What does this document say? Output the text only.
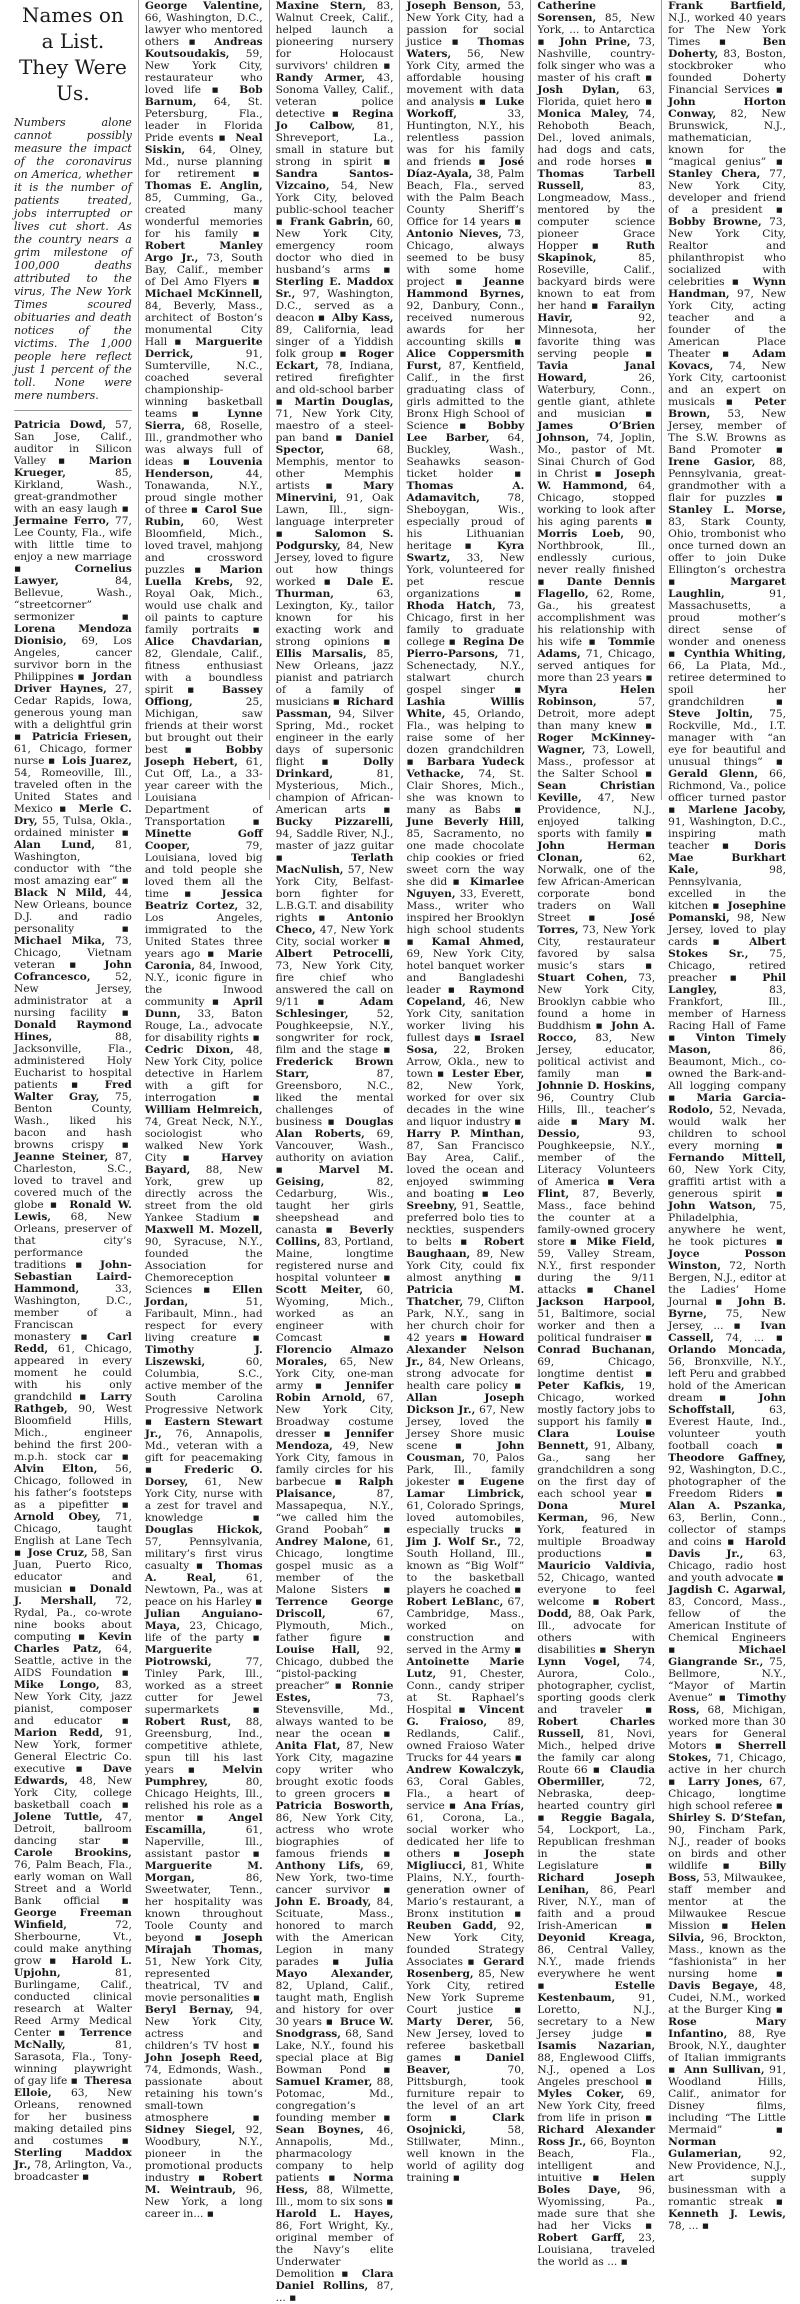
Names on a List.
They Were Us.

Numbers alone cannot possibly measure the impact of the coronavirus on America, whether it is the number of patients treated, jobs interrupted or lives cut short. As the country nears a grim milestone of 100,000 deaths attributed to the virus, The New York Times scoured obituaries and death notices of the victims. The 1,000 people here reflect just 1 percent of the toll. None were mere numbers.

Patricia Dowd, 57, San Jose, Calif., auditor in Silicon Valley ▪ Marion Krueger, 85, Kirkland, Wash., great-grandmother with an easy laugh ▪ Jermaine Ferro, 77, Lee County, Fla., wife with little time to enjoy a new marriage ▪ Cornelius Lawyer, 84, Bellevue, Wash., “streetcorner” sermonizer ▪ Lorena Mendoza Dionisio, 69, Los Angeles, cancer survivor born in the Philippines ▪ Jordan Driver Haynes, 27, Cedar Rapids, Iowa, generous young man with a delightful grin ▪ Patricia Friesen, 61, Chicago, former nurse ▪ Lois Juarez, 54, Romeoville, Ill., traveled often in the United States and Mexico ▪ Merle C. Dry, 55, Tulsa, Okla., ordained minister ▪ Alan Lund, 81, Washington, conductor with “the most amazing ear” ▪ Black N Mild, 44, New Orleans, bounce D.J. and radio personality ▪ Michael Mika, 73, Chicago, Vietnam veteran ▪ John Cofrancesco, 52, New Jersey, administrator at a nursing facility ▪ Donald Raymond Hines, 88, Jacksonville, Fla., administered Holy Eucharist to hospital patients ▪ Fred Walter Gray, 75, Benton County, Wash., liked his bacon and hash browns crispy ▪ Jeanne Steiner, 87, Charleston, S.C., loved to travel and covered much of the globe ▪ Ronald W. Lewis, 68, New Orleans, preserver of that city’s performance traditions ▪ John-Sebastian Laird-Hammond, 33, Washington, D.C., member of a Franciscan monastery ▪ Carl Redd, 61, Chicago, appeared in every moment he could with his only grandchild ▪ Larry Rathgeb, 90, West Bloomfield Hills, Mich., engineer behind the first 200-m.p.h. stock car ▪ Alvin Elton, 56, Chicago, followed in his father’s footsteps as a pipefitter ▪ Arnold Obey, 71, Chicago, taught English at Lane Tech ▪ Jose Cruz, 58, San Juan, Puerto Rico, educator and musician ▪ Donald J. Mershall, 72, Rydal, Pa., co-wrote nine books about computing ▪ Kevin Charles Patz, 64, Seattle, active in the AIDS Foundation ▪ Mike Longo, 83, New York City, jazz pianist, composer and educator ▪ Marion Redd, 91, New York, former General Electric Co. executive ▪ Dave Edwards, 48, New York City, college basketball coach ▪ Jolene Tuttle, 47, Detroit, ballroom dancing star ▪ Carole Brookins, 76, Palm Beach, Fla., early woman on Wall Street and a World Bank official ▪ George Freeman Winfield, 72, Sherbourne, Vt., could make anything grow ▪ Harold L. Upjohn, 81, Burlingame, Calif., conducted clinical research at Walter Reed Army Medical Center ▪ Terrence McNally, 81, Sarasota, Fla., Tony-winning playwright of gay life ▪ Theresa Elloie, 63, New Orleans, renowned for her business making detailed pins and costumes ▪ Sterling Maddox Jr., 78, Arlington, Va., broadcaster ▪

George Valentine, 66, Washington, D.C., lawyer who mentored others ▪ Andreas Koutsoudakis, 59, New York City, restaurateur who loved life ▪ Bob Barnum, 64, St. Petersburg, Fla., leader in Florida Pride events ▪ Neal Siskin, 64, Olney, Md., nurse planning for retirement ▪ Thomas E. Anglin, 85, Cumming, Ga., created many wonderful memories for his family ▪ Robert Manley Argo Jr., 73, South Bay, Calif., member of Del Amo Flyers ▪ Michael McKinnell, 84, Beverly, Mass., architect of Boston’s monumental City Hall ▪ Marguerite Derrick, 91, Sumterville, N.C., coached several championship-winning basketball teams ▪ Lynne Sierra, 68, Roselle, Ill., grandmother who was always full of ideas ▪ Louvenia Henderson, 44, Tonawanda, N.Y., proud single mother of three ▪ Carol Sue Rubin, 60, West Bloomfield, Mich., loved travel, mahjong and crossword puzzles ▪ Marion Luella Krebs, 92, Royal Oak, Mich., would use chalk and oil paints to capture family portraits ▪ Alice Chavdarian, 82, Glendale, Calif., fitness enthusiast with a boundless spirit ▪ Bassey Offiong, 25, Michigan, saw friends at their worst but brought out their best ▪ Bobby Joseph Hebert, 61, Cut Off, La., a 33-year career with the Louisiana Department of Transportation ▪ Minette Goff Cooper, 79, Louisiana, loved big and told people she loved them all the time ▪ Jessica Beatriz Cortez, 32, Los Angeles, immigrated to the United States three years ago ▪ Marie Caronia, 84, Inwood, N.Y., iconic figure in the Inwood community ▪ April Dunn, 33, Baton Rouge, La., advocate for disability rights ▪ Cedric Dixon, 48, New York City, police detective in Harlem with a gift for interrogation ▪ William Helmreich, 74, Great Neck, N.Y., sociologist who walked New York City ▪ Harvey Bayard, 88, New York, grew up directly across the street from the old Yankee Stadium ▪ Maxwell M. Mozell, 90, Syracuse, N.Y., founded the Association for Chemoreception Sciences ▪ Ellen Jordan, 51, Faribault, Minn., had respect for every living creature ▪ Timothy J. Liszewski, 60, Columbia, S.C., active member of the South Carolina Progressive Network ▪ Eastern Stewart Jr., 76, Annapolis, Md., veteran with a gift for peacemaking ▪ Frederic O. Dorsey, 61, New York City, nurse with a zest for travel and knowledge ▪ Douglas Hickok, 57, Pennsylvania, military’s first virus casualty ▪ Thomas A. Real, 61, Newtown, Pa., was at peace on his Harley ▪ Julian Anguiano-Maya, 23, Chicago, life of the party ▪ Marguerite Piotrowski, 77, Tinley Park, Ill., worked as a street cutter for Jewel supermarkets ▪ Robert Rust, 88, Greensburg, Ind., competitive athlete, spun till his last years ▪ Melvin Pumphrey, 80, Chicago Heights, Ill., relished his role as a mentor ▪ Angel Escamilla, 61, Naperville, Ill., assistant pastor ▪ Marguerite M. Morgan, 86, Sweetwater, Tenn., her hospitality was known throughout Toole County and beyond ▪ Joseph Mirajah Thomas, 51, New York City, represented theatrical, TV and movie personalities ▪ Beryl Bernay, 94, New York City, actress and children’s TV host ▪ John Joseph Reed, 74, Edmonds, Wash., passionate about retaining his town’s small-town atmosphere ▪ Sidney Siegel, 92, Woodbury, N.Y., pioneer in the promotional products industry ▪ Robert M. Weintraub, 96, New York, a long career in... ▪

Maxine Stern, 83, Walnut Creek, Calif., helped launch a pioneering nursery for Holocaust survivors' children ▪ Randy Armer, 43, Sonoma Valley, Calif., veteran police detective ▪ Regina Jo Calbow, 81, Shreveport, La., small in stature but strong in spirit ▪ Sandra Santos-Vizcaino, 54, New York City, beloved public-school teacher ▪ Frank Gabrin, 60, New York City, emergency room doctor who died in husband’s arms ▪ Sterling E. Maddox Sr., 97, Washington, D.C., served as a deacon ▪ Alby Kass, 89, California, lead singer of a Yiddish folk group ▪ Roger Eckart, 78, Indiana, retired firefighter and old-school barber ▪ Martin Douglas, 71, New York City, maestro of a steel-pan band ▪ Daniel Spector, 68, Memphis, mentor to other Memphis artists ▪ Mary Minervini, 91, Oak Lawn, Ill., sign-language interpreter ▪ Salomon S. Podgursky, 84, New Jersey, loved to figure out how things worked ▪ Dale E. Thurman, 63, Lexington, Ky., tailor known for his exacting work and strong opinions ▪ Ellis Marsalis, 85, New Orleans, jazz pianist and patriarch of a family of musicians ▪ Richard Passman, 94, Silver Spring, Md., rocket engineer in the early days of supersonic flight ▪ Dolly Drinkard, 81, Mysterious, Mich., champion of African-American arts ▪ Bucky Pizzarelli, 94, Saddle River, N.J., master of jazz guitar ▪ Terlath MacNulish, 57, New York City, Belfast-born fighter for L.B.G.T. and disability rights ▪ Antonio Checo, 47, New York City, social worker ▪ Albert Petrocelli, 73, New York City, fire chief who answered the call on 9/11 ▪ Adam Schlesinger, 52, Poughkeepsie, N.Y., songwriter for rock, film and the stage ▪ Frederick Brown Starr, 87, Greensboro, N.C., liked the mental challenges of business ▪ Douglas Alan Roberts, 69, Vancouver, Wash., authority on aviation ▪ Marvel M. Geising, 82, Cedarburg, Wis., taught her girls sheepshead and canasta ▪ Beverly Collins, 83, Portland, Maine, longtime registered nurse and hospital volunteer ▪ Scott Meiter, 60, Wyoming, Mich., worked as an engineer with Comcast ▪ Florencio Almazo Morales, 65, New York City, one-man army ▪ Jennifer Robin Arnold, 67, New York City, Broadway costume dresser ▪ Jennifer Mendoza, 49, New York City, famous in family circles for his barbecue ▪ Ralph Plaisance, 87, Massapequa, N.Y., “we called him the Grand Poobah” ▪ Andrey Malone, 61, Chicago, longtime gospel music as a member of the Malone Sisters ▪ Terrence George Driscoll, 67, Plymouth, Mich., father figure ▪ Louise Hall, 92, Chicago, dubbed the “pistol-packing preacher” ▪ Ronnie Estes, 73, Stevensville, Md., always wanted to be near the ocean ▪ Anita Flat, 87, New York City, magazine copy writer who brought exotic foods to green grocers ▪ Patricia Bosworth, 86, New York City, actress who wrote biographies of famous friends ▪ Anthony Lifs, 69, New York, two-time cancer survivor ▪ John E. Broady, 84, Scituate, Mass., honored to march with the American Legion in many parades ▪ Julia Mayo Alexander, 82, Upland, Calif., taught math, English and history for over 30 years ▪ Bruce W. Snodgrass, 68, Sand Lake, N.Y., found his special place at Big Bowman Pond ▪ Samuel Kramer, 88, Potomac, Md., congregation’s founding member ▪ Sean Boynes, 46, Annapolis, Md., pharmacology company to help patients ▪ Norma Hess, 88, Wilmette, Ill., mom to six sons ▪ Harold L. Hayes, 86, Fort Wright, Ky., original member of the Navy’s elite Underwater Demolition ▪ Clara Daniel Rollins, 87, ... ▪

Joseph Benson, 53, New York City, had a passion for social justice ▪ Thomas Waters, 56, New York City, armed the affordable housing movement with data and analysis ▪ Luke Workoff, 33, Huntington, N.Y., his relentless passion was for his family and friends ▪ José Díaz-Ayala, 38, Palm Beach, Fla., served with the Palm Beach County Sheriff’s Office for 14 years ▪ Antonio Nieves, 73, Chicago, always seemed to be busy with some home project ▪ Jeanne Hammond Byrnes, 92, Danbury, Conn., received numerous awards for her accounting skills ▪ Alice Coppersmith Furst, 87, Kentfield, Calif., in the first graduating class of girls admitted to the Bronx High School of Science ▪ Bobby Lee Barber, 64, Buckley, Wash., Seahawks season-ticket holder ▪ Thomas A. Adamavitch, 78, Sheboygan, Wis., especially proud of his Lithuanian heritage ▪ Kyra Swartz, 33, New York, volunteered for pet rescue organizations ▪ Rhoda Hatch, 73, Chicago, first in her family to graduate college ▪ Regina De Pierro-Parsons, 71, Schenectady, N.Y., stalwart church gospel singer ▪ Lashia Willis White, 45, Orlando, Fla., was helping to raise some of her dozen grandchildren ▪ Barbara Yudeck Vethacke, 74, St. Clair Shores, Mich., she was known to many as Babs ▪ June Beverly Hill, 85, Sacramento, no one made chocolate chip cookies or fried sweet corn the way she did ▪ Kimarlee Nguyen, 33, Everett, Mass., writer who inspired her Brooklyn high school students ▪ Kamal Ahmed, 69, New York City, hotel banquet worker and Bangladeshi leader ▪ Raymond Copeland, 46, New York City, sanitation worker living his fullest days ▪ Israel Sosa, 22, Broken Arrow, Okla., new to town ▪ Lester Eber, 82, New York, worked for over six decades in the wine and liquor industry ▪ Harry P. Minthan, 87, San Francisco Bay Area, Calif., loved the ocean and enjoyed swimming and boating ▪ Leo Sreebny, 91, Seattle, preferred bolo ties to neckties, suspenders to belts ▪ Robert Baughaan, 89, New York City, could fix almost anything ▪ Patricia M. Thatcher, 79, Clifton Park, N.Y., sang in her church choir for 42 years ▪ Howard Alexander Nelson Jr., 84, New Orleans, strong advocate for health care policy ▪ Allan Joseph Dickson Jr., 67, New Jersey, loved the Jersey Shore music scene ▪ John Cousman, 70, Palos Park, Ill., family jokester ▪ Eugene Lamar Limbrick, 61, Colorado Springs, loved automobiles, especially trucks ▪ Jim J. Wolf Sr., 72, South Holland, Ill., known as “Big Wolf” to the basketball players he coached ▪ Robert LeBlanc, 67, Cambridge, Mass., worked on construction and served in the Army ▪ Antoinette Marie Lutz, 91, Chester, Conn., candy striper at St. Raphael’s Hospital ▪ Vincent G. Fraioso, 89, Redlands, Calif., owned Fraioso Water Trucks for 44 years ▪ Andrew Kowalczyk, 63, Coral Gables, Fla., a heart of service ▪ Ana Frías, 61, Corona, La., social worker who dedicated her life to others ▪ Joseph Migliucci, 81, White Plains, N.Y., fourth-generation owner of Mario’s restaurant, a Bronx institution ▪ Reuben Gadd, 92, New York City, founded Strategy Associates ▪ Gerard Rosenberg, 85, New York City, retired New York Supreme Court justice ▪ Marty Derer, 56, New Jersey, loved to referee basketball games ▪ Daniel Beaver, 70, Pittsburgh, took furniture repair to the level of an art form ▪ Clark Osojnicki, 58, Stillwater, Minn., well known in the world of agility dog training ▪

Catherine Sorensen, 85, New York, ... to Antarctica ▪ John Prine, 73, Nashville, country-folk singer who was a master of his craft ▪ Josh Dylan, 63, Florida, quiet hero ▪ Monica Maley, 74, Rehoboth Beach, Del., loved animals, had dogs and cats, and rode horses ▪ Thomas Tarbell Russell, 83, Longmeadow, Mass., mentored by the computer science pioneer Grace Hopper ▪ Ruth Skapinok, 85, Roseville, Calif., backyard birds were known to eat from her hand ▪ Farailyn Havir, 92, Minnesota, her favorite thing was serving people ▪ Tavia Janal Howard, 26, Waterbury, Conn., gentle giant, athlete and musician ▪ James O’Brien Johnson, 74, Joplin, Mo., pastor of Mt. Sinai Church of God in Christ ▪ Joseph W. Hammond, 64, Chicago, stopped working to look after his aging parents ▪ Morris Loeb, 90, Northbrook, Ill., endlessly curious, never really finished ▪ Dante Dennis Flagello, 62, Rome, Ga., his greatest accomplishment was his relationship with his wife ▪ Tommie Adams, 71, Chicago, served antiques for more than 23 years ▪ Myra Helen Robinson, 57, Detroit, more adept than many knew ▪ Roger McKinney-Wagner, 73, Lowell, Mass., professor at the Salter School ▪ Sean Christian Keville, 47, New Providence, N.J., enjoyed talking sports with family ▪ John Herman Clonan, 62, Norwalk, one of the few African-American corporate bond traders on Wall Street ▪ José Torres, 73, New York City, restaurateur favored by salsa music’s stars ▪ Stuart Cohen, 73, New York City, Brooklyn cabbie who found a home in Buddhism ▪ John A. Rocco, 83, New Jersey, educator, political activist and family man ▪ Johnnie D. Hoskins, 96, Country Club Hills, Ill., teacher’s aide ▪ Mary M. Dessio, 93, Poughkeepsie, N.Y., member of the Literacy Volunteers of America ▪ Vera Flint, 87, Beverly, Mass., face behind the counter at a family-owned grocery store ▪ Mike Field, 59, Valley Stream, N.Y., first responder during the 9/11 attacks ▪ Chanel Jackson Harpool, 51, Baltimore, social worker and then a political fundraiser ▪ Conrad Buchanan, 69, Chicago, longtime dentist ▪ Peter Kafkis, 19, Chicago, worked mostly factory jobs to support his family ▪ Clara Louise Bennett, 91, Albany, Ga., sang her grandchildren a song on the first day of each school year ▪ Dona Murel Kerman, 96, New York, featured in multiple Broadway productions ▪ Mauricio Valdivia, 52, Chicago, wanted everyone to feel welcome ▪ Robert Dodd, 88, Oak Park, Ill., advocate for others with disabilities ▪ Sheryn Lynn Vogel, 74, Aurora, Colo., photographer, cyclist, sporting goods clerk and traveler ▪ Robert Charles Russell, 81, Novi, Mich., helped drive the family car along Route 66 ▪ Claudia Obermiller, 72, Nebraska, deep-hearted country girl ▪ Reggie Bagala, 54, Lockport, La., Republican freshman in the state Legislature ▪ Richard Joseph Lenihan, 86, Pearl River, N.Y., man of faith and a proud Irish-American ▪ Deyonid Kreaga, 86, Central Valley, N.Y., made friends everywhere he went ▪ Estelle Kestenbaum, 91, Loretto, N.J., secretary to a New Jersey judge ▪ Isamis Nazarian, 88, Englewood Cliffs, N.J., opened a Los Angeles preschool ▪ Myles Coker, 69, New York City, freed from life in prison ▪ Richard Alexander Ross Jr., 66, Boynton Beach, Fla., intelligent and intuitive ▪ Helen Boles Daye, 96, Wyomissing, Pa., made sure that she had her Vicks ▪ Robert Garff, 23, Louisiana, traveled the world as ... ▪

Frank Bartfield, N.J., worked 40 years for The New York Times ▪ Ben Doherty, 83, Boston, stockbroker who founded Doherty Financial Services ▪ John Horton Conway, 82, New Brunswick, N.J., mathematician, known for the “magical genius” ▪ Stanley Chera, 77, New York City, developer and friend of a president ▪ Bobby Browne, 73, New York City, Realtor and philanthropist who socialized with celebrities ▪ Wynn Handman, 97, New York City, acting teacher and a founder of the American Place Theater ▪ Adam Kovacs, 74, New York City, cartoonist and an expert on musicals ▪ Peter Brown, 53, New Jersey, member of The S.W. Browns as Band Promoter ▪ Irene Gasior, 88, Pennsylvania, great-grandmother with a flair for puzzles ▪ Stanley L. Morse, 83, Stark County, Ohio, trombonist who once turned down an offer to join Duke Ellington’s orchestra ▪ Margaret Laughlin, 91, Massachusetts, a proud mother’s direct sense of wonder and oneness ▪ Cynthia Whiting, 66, La Plata, Md., retiree determined to spoil her grandchildren ▪ Steve Joltin, 75, Rockville, Md., I.T. manager with “an eye for beautiful and unusual things” ▪ Gerald Glenn, 66, Richmond, Va., police officer turned pastor ▪ Marlene Jacoby, 91, Washington, D.C., inspiring math teacher ▪ Doris Mae Burkhart Kale, 98, Pennsylvania, excelled in the kitchen ▪ Josephine Pomanski, 98, New Jersey, loved to play cards ▪ Albert Stokes Sr., 75, Chicago, retired preacher ▪ Phil Langley, 83, Frankfort, Ill., member of Harness Racing Hall of Fame ▪ Vinton Timely Mason, 86, Beaumont, Mich., co-owned the Bark-and-All logging company ▪ Maria Garcia-Rodolo, 52, Nevada, would walk her children to school every morning ▪ Fernando Mittell, 60, New York City, graffiti artist with a generous spirit ▪ John Watson, 75, Philadelphia, anywhere he went, he took pictures ▪ Joyce Posson Winston, 72, North Bergen, N.J., editor at the Ladies’ Home Journal ▪ John B. Byrne, 75, New Jersey, ... ▪ Ivan Cassell, 74, ... ▪ Orlando Moncada, 56, Bronxville, N.Y., left Peru and grabbed hold of the American dream ▪ John Schoffstall, 63, Everest Haute, Ind., volunteer youth football coach ▪ Theodore Gaffney, 92, Washington, D.C., photographer of the Freedom Riders ▪ Alan A. Pszanka, 63, Berlin, Conn., collector of stamps and coins ▪ Harold Davis Jr., 63, Chicago, radio host and youth advocate ▪ Jagdish C. Agarwal, 83, Concord, Mass., fellow of the American Institute of Chemical Engineers ▪ Michael Giangrande Sr., 75, Bellmore, N.Y., “Mayor of Martin Avenue” ▪ Timothy Ross, 68, Michigan, worked more than 30 years for General Motors ▪ Sherrell Stokes, 71, Chicago, active in her church ▪ Larry Jones, 67, Chicago, longtime high school referee ▪ Shirley S. D’Stefan, 90, Fincham Park, N.J., reader of books on birds and other wildlife ▪ Billy Boss, 53, Milwaukee, staff member and mentor at the Milwaukee Rescue Mission ▪ Helen Silvia, 96, Brockton, Mass., known as the “fashionista” in her nursing home ▪ Davis Begaye, 48, Cudei, N.M., worked at the Burger King ▪ Rose Mary Infantino, 88, Rye Brook, N.Y., daughter of Italian immigrants ▪ Ann Sullivan, 91, Woodland Hills, Calif., animator for Disney films, including “The Little Mermaid” ▪ Norman Gulamerian, 92, New Providence, N.J., art supply businessman with a romantic streak ▪ Kenneth J. Lewis, 78, ... ▪
